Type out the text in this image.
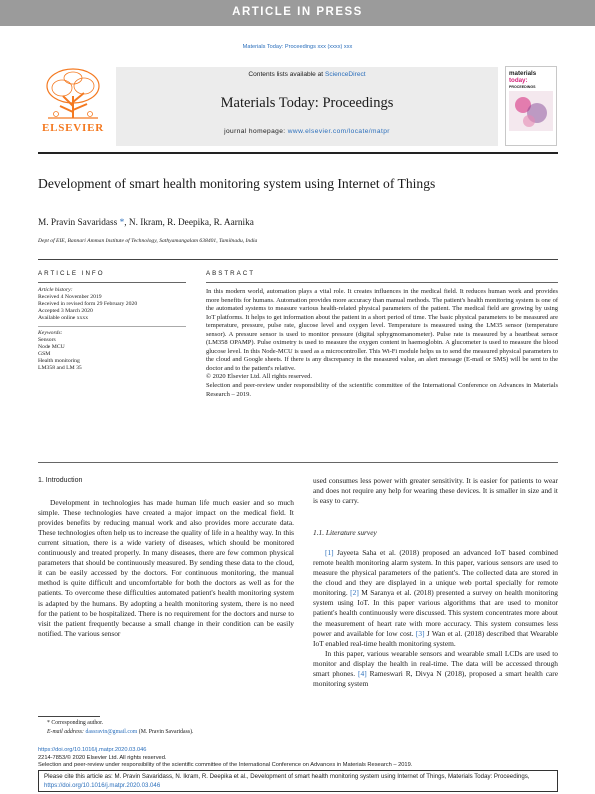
ARTICLE IN PRESS
Materials Today: Proceedings xxx (xxxx) xxx
ELSEVIER
Contents lists available at ScienceDirect
Materials Today: Proceedings
journal homepage: www.elsevier.com/locate/matpr
materials
today: PROCEEDINGS
Development of smart health monitoring system using Internet of Things
M. Pravin Savaridass *, N. Ikram, R. Deepika, R. Aarnika
Dept of EIE, Bannari Amman Institute of Technology, Sathyamangalam 638401, Tamilnadu, India
ARTICLE INFO	ABSTRACT
Article history:
Received 4 November 2019
Received in revised form 29 February 2020
Accepted 3 March 2020
Available online xxxx
Keywords:
Sensors
Node MCU
GSM
Health monitoring
LM358 and LM 35

In this modern world, automation plays a vital role. It creates influences in the medical field. It reduces human work and provides more benefits for humans. Automation provides more accuracy than manual methods. The patient's health monitoring system is one of the automated systems to measure various health-related physical parameters of the patient. The medical field are growing by using IoT platforms. It helps to get information about the patient in a short period of time. The basic physical parameters to be measured are temperature, pressure, pulse rate, glucose level and oxygen level. Temperature is measured using the LM35 sensor (temperature sensor). A pressure sensor is used to monitor pressure (digital sphygmomanometer). Pulse rate is measured by a heartbeat sensor (LM358 OPAMP). Pulse oximetry is used to measure the oxygen content in haemoglobin. A glucometer is used to measure the blood glucose level. In this Node-MCU is used as a microcontroller. This Wi-Fi module helps us to send the measured physical parameters to the cloud and Google sheets. If there is any discrepancy in the measured value, an alert message (E-mail or SMS) will be sent to the doctor and to the patient's relative.

© 2020 Elsevier Ltd. All rights reserved.

Selection and peer-review under responsibility of the scientific committee of the International Conference on Advances in Materials Research – 2019.

1. Introduction

Development in technologies has made human life much easier and so much simple. These technologies have created a major impact on the medical field. It provides benefits by reducing manual work and also provides more accurate data. These technologies often help us to increase the quality of life in a healthy way. In this current situation, there is a wide variety of diseases, which should be monitored continuously and treated properly. In many diseases, there are few common physical parameters that should be continuously measured. By sending these data to the cloud, it can be easily accessed by the doctors. For continuous monitoring, the manual method is quite difficult and uncomfortable for both the doctors as well as for the patients. To overcome these difficulties automated patient's health monitoring system is adapted by the humans. By adopting a health monitoring system, there is no need for the patient to be hospitalized. There is no requirement for the doctors and nurse to visit the patient frequently because a small change in their condition can be easily notified. The various sensor

used consumes less power with greater sensitivity. It is easier for patients to wear and does not require any help for wearing these devices. It is smaller in size and it is easy to carry.

1.1. Literature survey

[1] Jayeeta Saha et al. (2018) proposed an advanced IoT based combined remote health monitoring alarm system. In this paper, various sensors are used to measure the physical parameters of the patient's. The collected data are stored in the cloud and they are displayed in a unique web portal specially for remote monitoring. [2] M Saranya et al. (2018) presented a survey on health monitoring system using IoT. In this paper various algorithms that are used to monitor patient's health continuously were discussed. This system concentrates more about the measurement of heart rate with more accuracy. This system consumes less power and available for low cost. [3] J Wan et al. (2018) described that Wearable IoT enabled real-time health monitoring system.

In this paper, various wearable sensors and wearable small LCDs are used to monitor and display the health in real-time. The data will be accessed through smart phones. [4] Rameswari R, Divya N (2018), proposed a smart health care monitoring system

* Corresponding author.
E-mail address: dassravin@gmail.com (M. Pravin Savaridass).
https://doi.org/10.1016/j.matpr.2020.03.046
2214-7853/© 2020 Elsevier Ltd. All rights reserved.
Selection and peer-review under responsibility of the scientific committee of the International Conference on Advances in Materials Research – 2019.
Please cite this article as: M. Pravin Savaridass, N. Ikram, R. Deepika et al., Development of smart health monitoring system using Internet of Things, Materials Today: Proceedings, https://doi.org/10.1016/j.matpr.2020.03.046
